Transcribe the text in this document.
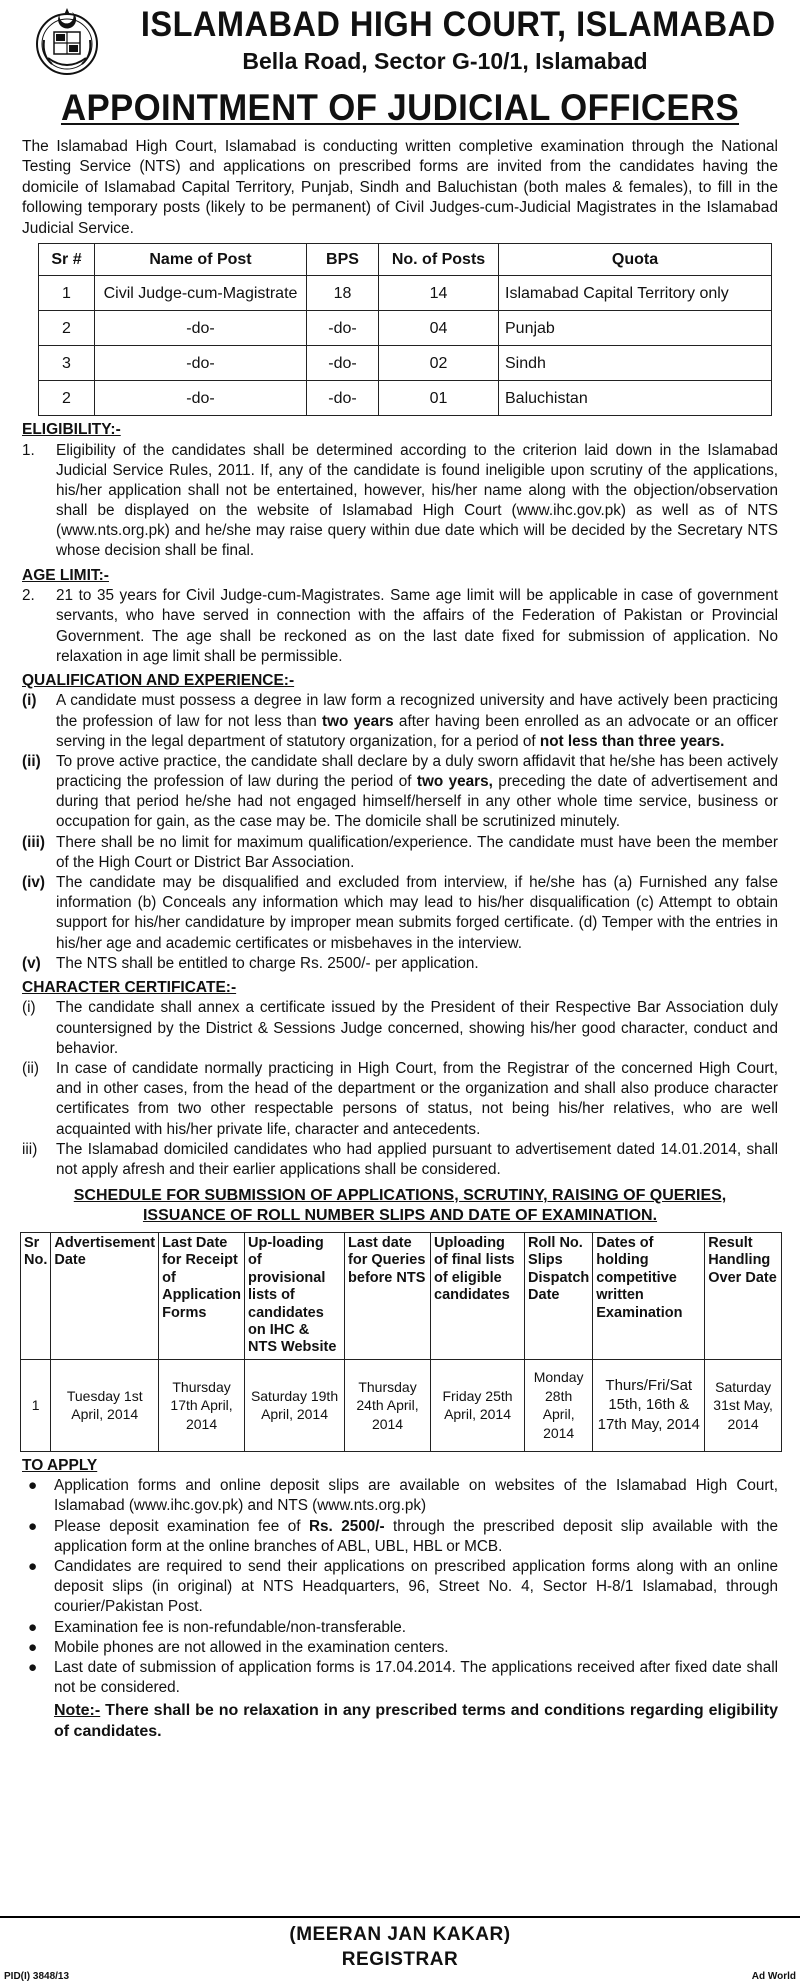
ISLAMABAD HIGH COURT, ISLAMABAD
Bella Road, Sector G-10/1, Islamabad
APPOINTMENT OF JUDICIAL OFFICERS

The Islamabad High Court, Islamabad is conducting written completive examination through the National Testing Service (NTS) and applications on prescribed forms are invited from the candidates having the domicile of Islamabad Capital Territory, Punjab, Sindh and Baluchistan (both males & females), to fill in the following temporary posts (likely to be permanent) of Civil Judges-cum-Judicial Magistrates in the Islamabad Judicial Service.

Sr #	Name of Post	BPS	No. of Posts	Quota
1	Civil Judge-cum-Magistrate	18	14	Islamabad Capital Territory only
2	-do-	-do-	04	Punjab
3	-do-	-do-	02	Sindh
2	-do-	-do-	01	Baluchistan
ELIGIBILITY:-
1.	Eligibility of the candidates shall be determined according to the criterion laid down in the Islamabad Judicial Service Rules, 2011. If, any of the candidate is found ineligible upon scrutiny of the applications, his/her application shall not be entertained, however, his/her name along with the objection/observation shall be displayed on the website of Islamabad High Court (www.ihc.gov.pk) as well as of NTS (www.nts.org.pk) and he/she may raise query within due date which will be decided by the Secretary NTS whose decision shall be final.
AGE LIMIT:-
2.	21 to 35 years for Civil Judge-cum-Magistrates. Same age limit will be applicable in case of government servants, who have served in connection with the affairs of the Federation of Pakistan or Provincial Government. The age shall be reckoned as on the last date fixed for submission of application. No relaxation in age limit shall be permissible.
QUALIFICATION AND EXPERIENCE:-
(i)	A candidate must possess a degree in law form a recognized university and have actively been practicing the profession of law for not less than two years after having been enrolled as an advocate or an officer serving in the legal department of statutory organization, for a period of not less than three years.
(ii) To prove active practice, the candidate shall declare by a duly sworn affidavit that he/she has been actively practicing the profession of law during the period of two years, preceding the date of advertisement and during that period he/she had not engaged himself/herself in any other whole time service, business or occupation for gain, as the case may be. The domicile shall be scrutinized minutely.
(iii) There shall be no limit for maximum qualification/experience. The candidate must have been the member of the High Court or District Bar Association.
(iv) The candidate may be disqualified and excluded from interview, if he/she has (a) Furnished any false information (b) Conceals any information which may lead to his/her disqualification (c) Attempt to obtain support for his/her candidature by improper mean submits forged certificate. (d) Temper with the entries in his/her age and academic certificates or misbehaves in the interview.
(v) The NTS shall be entitled to charge Rs. 2500/- per application.
CHARACTER CERTIFICATE:-
(i)	The candidate shall annex a certificate issued by the President of their Respective Bar Association duly countersigned by the District & Sessions Judge concerned, showing his/her good character, conduct and behavior.
(ii)	In case of candidate normally practicing in High Court, from the Registrar of the concerned High Court, and in other cases, from the head of the department or the organization and shall also produce character certificates from two other respectable persons of status, not being his/her relatives, who are well acquainted with his/her private life, character and antecedents.
iii)	The Islamabad domiciled candidates who had applied pursuant to advertisement dated 14.01.2014, shall not apply afresh and their earlier applications shall be considered.
SCHEDULE FOR SUBMISSION OF APPLICATIONS, SCRUTINY, RAISING OF QUERIES,
ISSUANCE OF ROLL NUMBER SLIPS AND DATE OF EXAMINATION.
Sr No.	Advertisement Date	Last Date for Receipt of Application Forms	Up-loading of provisional lists of candidates on IHC & NTS Website	Last date for Queries before NTS	Uploading of final lists of eligible candidates	Roll No. Slips Dispatch Date	Dates of holding competitive written Examination	Result Handling Over Date
1	Tuesday 1st April, 2014	Thursday 17th April, 2014	Saturday 19th April, 2014	Thursday 24th April, 2014	Friday 25th April, 2014	Monday 28th April, 2014	Thurs/Fri/Sat 15th, 16th & 17th May, 2014	Saturday 31st May, 2014
TO APPLY
●	Application forms and online deposit slips are available on websites of the Islamabad High Court, Islamabad (www.ihc.gov.pk) and NTS (www.nts.org.pk)
●	Please deposit examination fee of Rs. 2500/- through the prescribed deposit slip available with the application form at the online branches of ABL, UBL, HBL or MCB.
●	Candidates are required to send their applications on prescribed application forms along with an online deposit slips (in original) at NTS Headquarters, 96, Street No. 4, Sector H-8/1 Islamabad, through courier/Pakistan Post.
●	Examination fee is non-refundable/non-transferable.
●	Mobile phones are not allowed in the examination centers.
●	Last date of submission of application forms is 17.04.2014. The applications received after fixed date shall not be considered.
Note:- There shall be no relaxation in any prescribed terms and conditions regarding eligibility of candidates.
(MEERAN JAN KAKAR)
REGISTRAR
PID(I) 3848/13	Ad World
